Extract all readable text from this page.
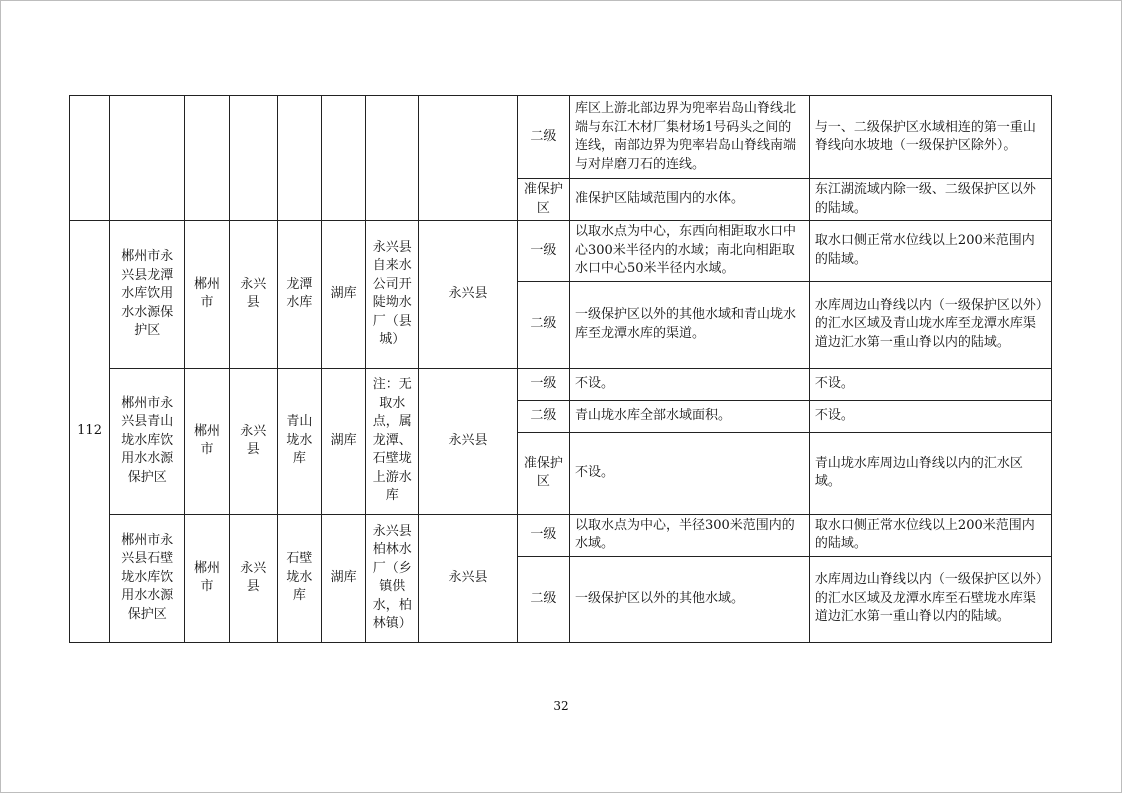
								二级	库区上游北部边界为兜率岩岛山脊线北端与东江木材厂集材场1号码头之间的连线，南部边界为兜率岩岛山脊线南端与对岸磨刀石的连线。	与一、二级保护区水域相连的第一重山脊线向水坡地（一级保护区除外）。
								准保护区	准保护区陆域范围内的水体。	东江湖流域内除一级、二级保护区以外的陆域。
112	郴州市永兴县龙潭水库饮用水水源保护区	郴州市	永兴县	龙潭水库	湖库	永兴县自来水公司开陡坳水厂（县城）	永兴县	一级	以取水点为中心，东西向相距取水口中心300米半径内的水域；南北向相距取水口中心50米半径内水域。	取水口侧正常水位线以上200米范围内的陆域。
								二级	一级保护区以外的其他水域和青山垅水库至龙潭水库的渠道。	水库周边山脊线以内（一级保护区以外）的汇水区域及青山垅水库至龙潭水库渠道边汇水第一重山脊以内的陆域。
	郴州市永兴县青山垅水库饮用水水源保护区	郴州市	永兴县	青山垅水库	湖库	注：无取水点，属龙潭、石壁垅上游水库	永兴县	一级	不设。	不设。
								二级	青山垅水库全部水域面积。	不设。
								准保护区	不设。	青山垅水库周边山脊线以内的汇水区域。
	郴州市永兴县石壁垅水库饮用水水源保护区	郴州市	永兴县	石壁垅水库	湖库	永兴县柏林水厂（乡镇供水，柏林镇）	永兴县	一级	以取水点为中心，半径300米范围内的水域。	取水口侧正常水位线以上200米范围内的陆域。
								二级	一级保护区以外的其他水域。	水库周边山脊线以内（一级保护区以外）的汇水区域及龙潭水库至石壁垅水库渠道边汇水第一重山脊以内的陆域。
32
